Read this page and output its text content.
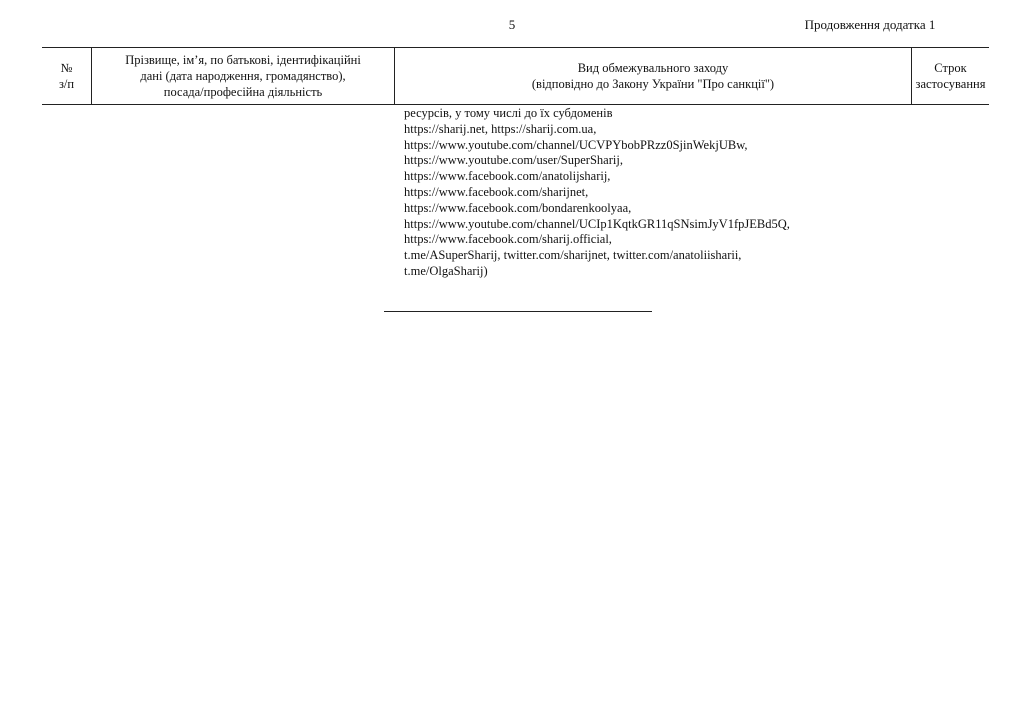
5	Продовження додатка 1
№
з/п
Прізвище, ім’я, по батькові, ідентифікаційні
дані (дата народження, громадянство),
посада/професійна діяльність
Вид обмежувального заходу
(відповідно до Закону України "Про санкції")
Строк
застосування
ресурсів, у тому числі до їх субдоменів
https://sharij.net, https://sharij.com.ua,
https://www.youtube.com/channel/UCVPYbobPRzz0SjinWekjUBw,
https://www.youtube.com/user/SuperSharij,
https://www.facebook.com/anatolijsharij,
https://www.facebook.com/sharijnet,
https://www.facebook.com/bondarenkoolyaa,
https://www.youtube.com/channel/UCIp1KqtkGR11qSNsimJyV1fpJEBd5Q,
https://www.facebook.com/sharij.official,
t.me/ASuperSharij, twitter.com/sharijnet, twitter.com/anatoliisharii,
t.me/OlgaSharij)
